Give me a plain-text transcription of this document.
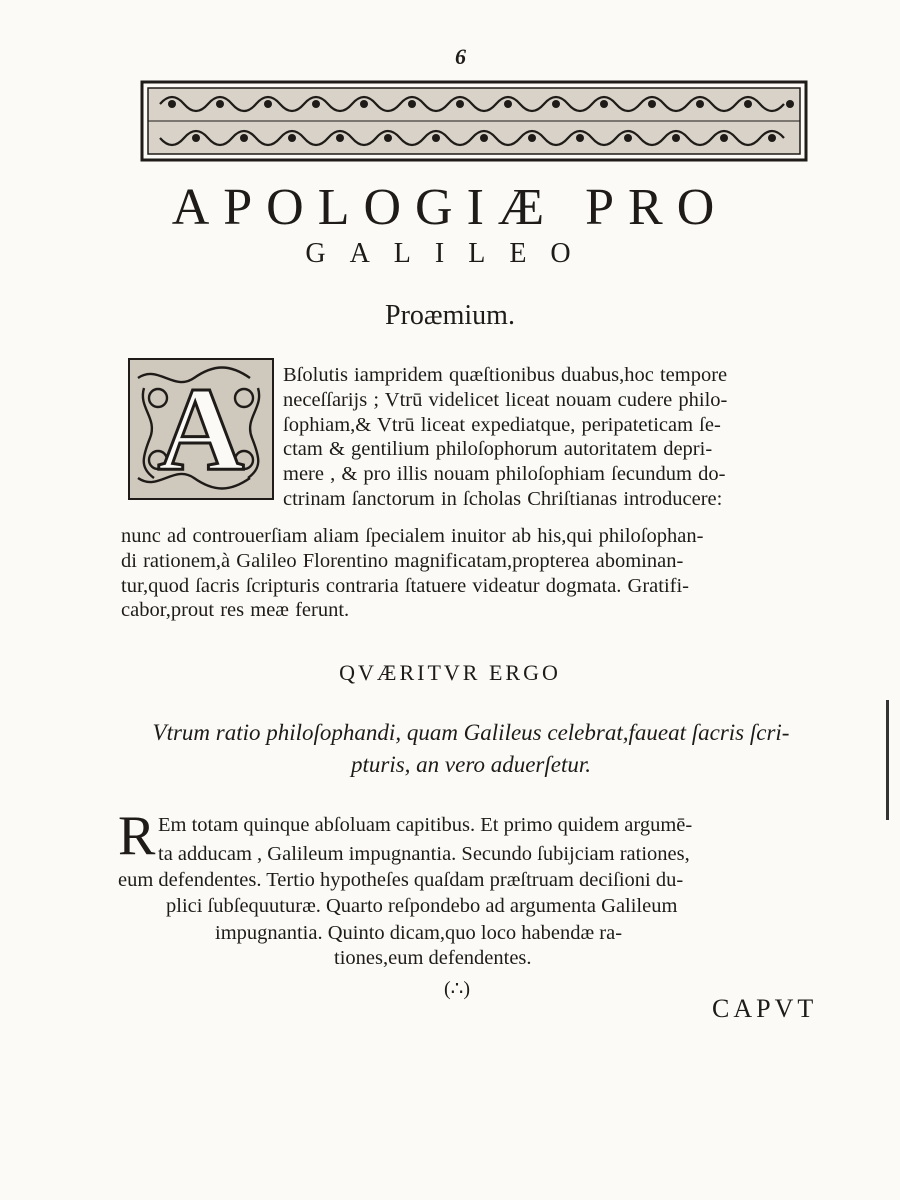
6
APOLOGIÆ PRO
GALILEO
Proæmium.
A	Bſolutis iampridem quæſtionibus duabus,hoc tempore
neceſſarijs ; Vtrū videlicet liceat nouam cudere philo-
ſophiam,& Vtrū liceat expediatque, peripateticam ſe-
ctam & gentilium philoſophorum autoritatem depri-
mere , & pro illis nouam philoſophiam ſecundum do-
ctrinam ſanctorum in ſcholas Chriſtianas introducere:
nunc ad controuerſiam aliam ſpecialem inuitor ab his,qui philoſophan-
di rationem,à Galileo Florentino magnificatam,propterea abominan-
tur,quod ſacris ſcripturis contraria ſtatuere videatur dogmata. Gratifi-
cabor,prout res meæ ferunt.
QVÆRITVR ERGO
Vtrum ratio philoſophandi, quam Galileus celebrat,faueat ſacris ſcri-
pturis, an vero aduerſetur.
R Em totam quinque abſoluam capitibus. Et primo quidem argumē-
ta adducam , Galileum impugnantia. Secundo ſubijciam rationes,
eum defendentes. Tertio hypotheſes quaſdam præſtruam deciſioni du-
plici ſubſequuturæ. Quarto reſpondebo ad argumenta Galileum
impugnantia. Quinto dicam,quo loco habendæ ra-
tiones,eum defendentes.
(∴)
CAPVT
